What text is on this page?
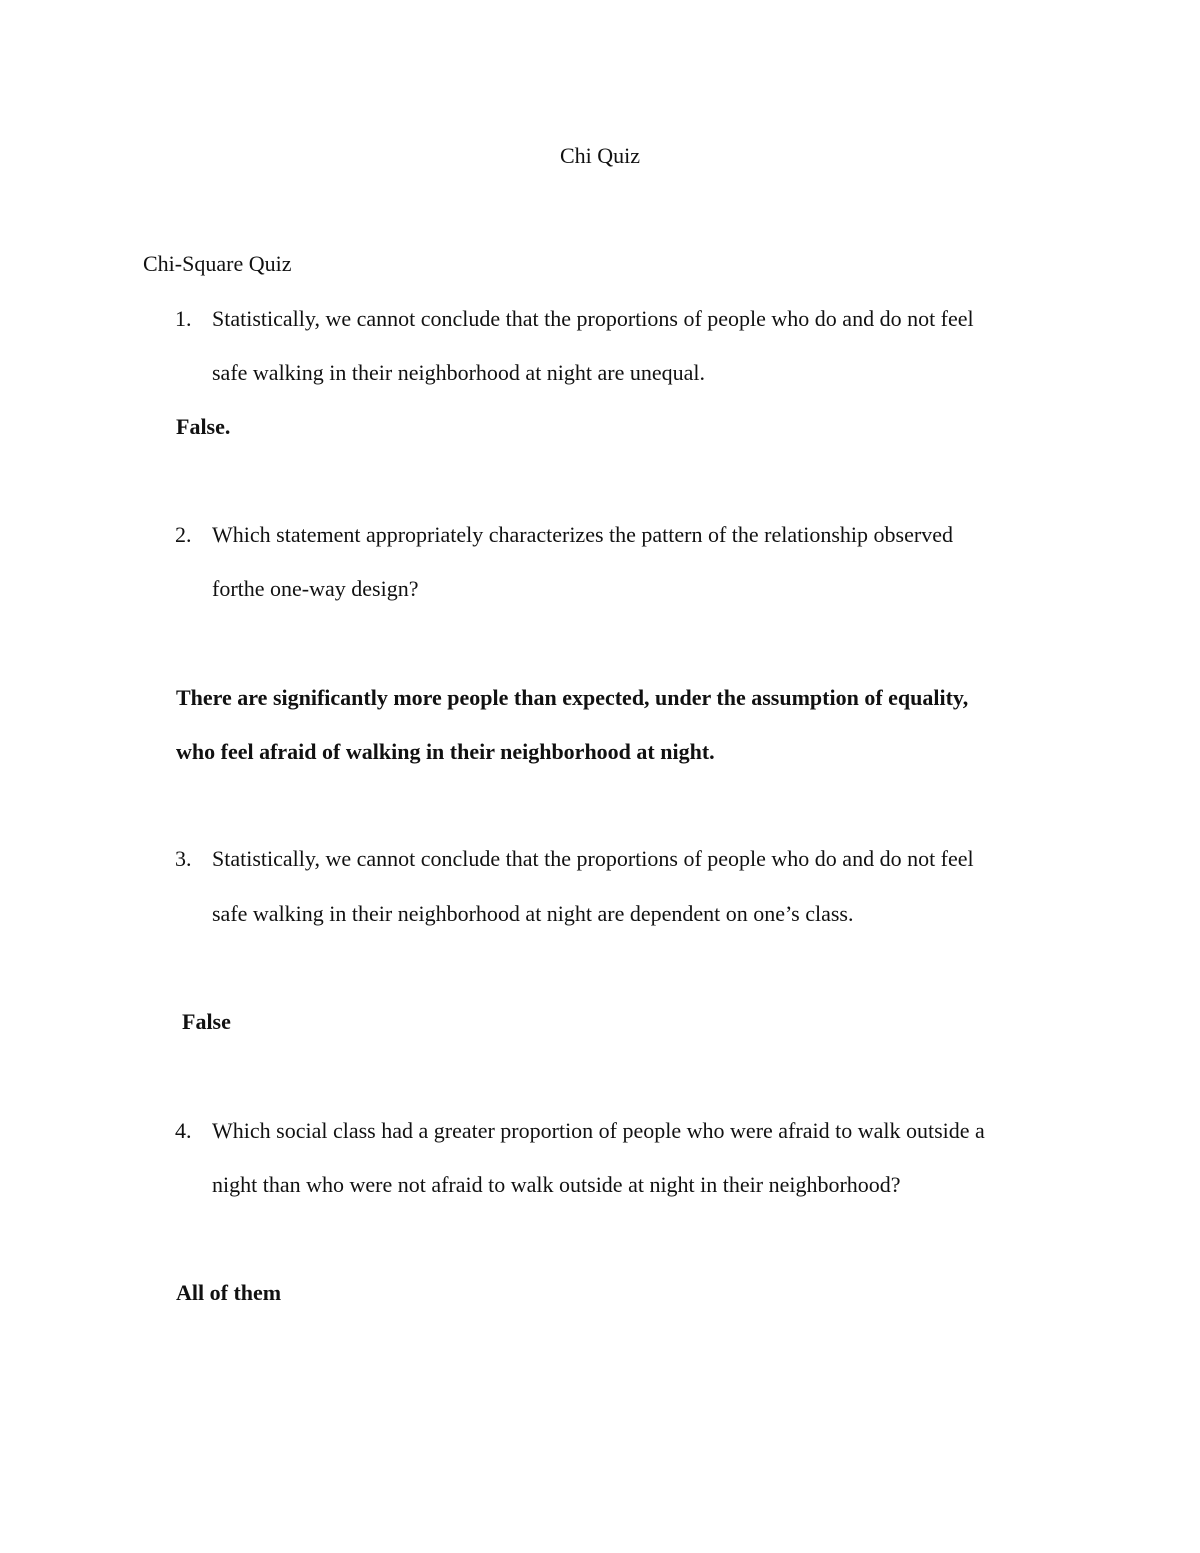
Chi Quiz
Chi-Square Quiz
1. Statistically, we cannot conclude that the proportions of people who do and do not feel
safe walking in their neighborhood at night are unequal.
False.
2. Which statement appropriately characterizes the pattern of the relationship observed
forthe one-way design?
There are significantly more people than expected, under the assumption of equality,
who feel afraid of walking in their neighborhood at night.
3. Statistically, we cannot conclude that the proportions of people who do and do not feel
safe walking in their neighborhood at night are dependent on one’s class.
False
4. Which social class had a greater proportion of people who were afraid to walk outside a
night than who were not afraid to walk outside at night in their neighborhood?
All of them
